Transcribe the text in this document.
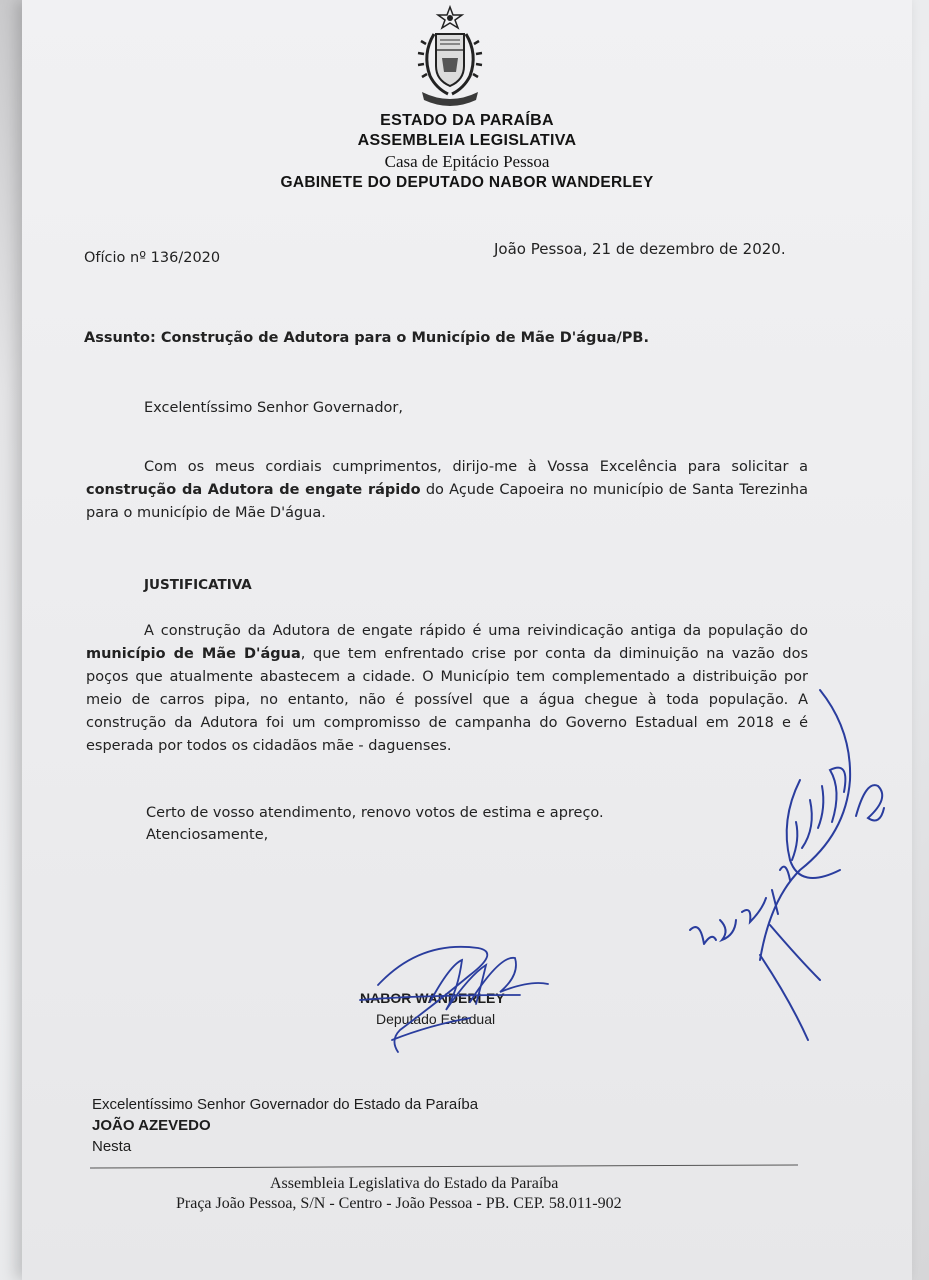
ESTADO DA PARAÍBA
ASSEMBLEIA LEGISLATIVA
Casa de Epitácio Pessoa
GABINETE DO DEPUTADO NABOR WANDERLEY
Ofício nº 136/2020	João Pessoa, 21 de dezembro de 2020.
Assunto: Construção de Adutora para o Município de Mãe D'água/PB.
Excelentíssimo Senhor Governador,

Com os meus cordiais cumprimentos, dirijo-me à Vossa Excelência para solicitar a construção da Adutora de engate rápido do Açude Capoeira no município de Santa Terezinha para o município de Mãe D'água.

JUSTIFICATIVA

A construção da Adutora de engate rápido é uma reivindicação antiga da população do município de Mãe D'água, que tem enfrentado crise por conta da diminuição na vazão dos poços que atualmente abastecem a cidade. O Município tem complementado a distribuição por meio de carros pipa, no entanto, não é possível que a água chegue à toda população. A construção da Adutora foi um compromisso de campanha do Governo Estadual em 2018 e é esperada por todos os cidadãos mãe - daguenses.

Certo de vosso atendimento, renovo votos de estima e apreço.
Atenciosamente,
NABOR WANDERLEY
Deputado Estadual
Excelentíssimo Senhor Governador do Estado da Paraíba
JOÃO AZEVEDO
Nesta
Assembleia Legislativa do Estado da Paraíba
Praça João Pessoa, S/N - Centro - João Pessoa - PB. CEP. 58.011-902
